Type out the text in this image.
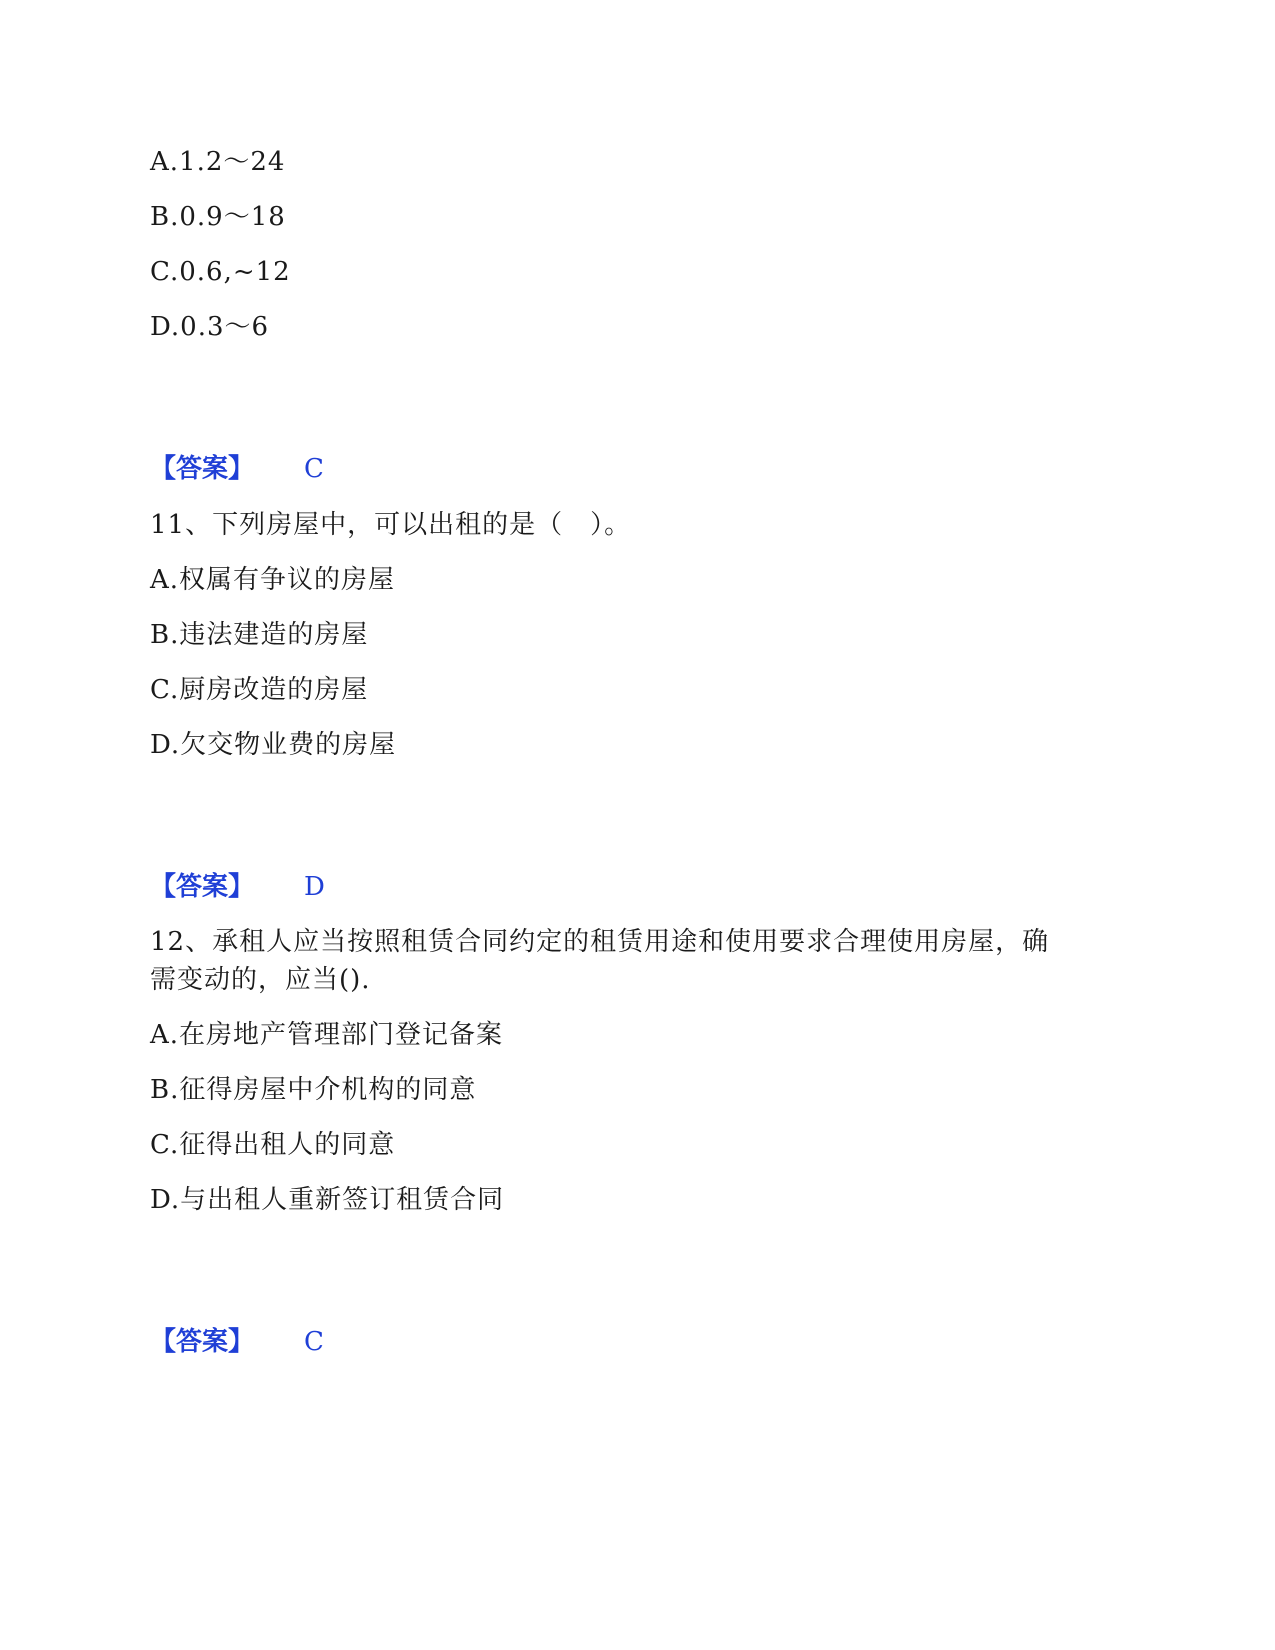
A.1.2～24
B.0.9～18
C.0.6,~12
D.0.3～6
【答案】 C
11、下列房屋中，可以出租的是（　）。
A.权属有争议的房屋
B.违法建造的房屋
C.厨房改造的房屋
D.欠交物业费的房屋
【答案】 D
12、承租人应当按照租赁合同约定的租赁用途和使用要求合理使用房屋，确
需变动的，应当().
A.在房地产管理部门登记备案
B.征得房屋中介机构的同意
C.征得出租人的同意
D.与出租人重新签订租赁合同
【答案】 C
